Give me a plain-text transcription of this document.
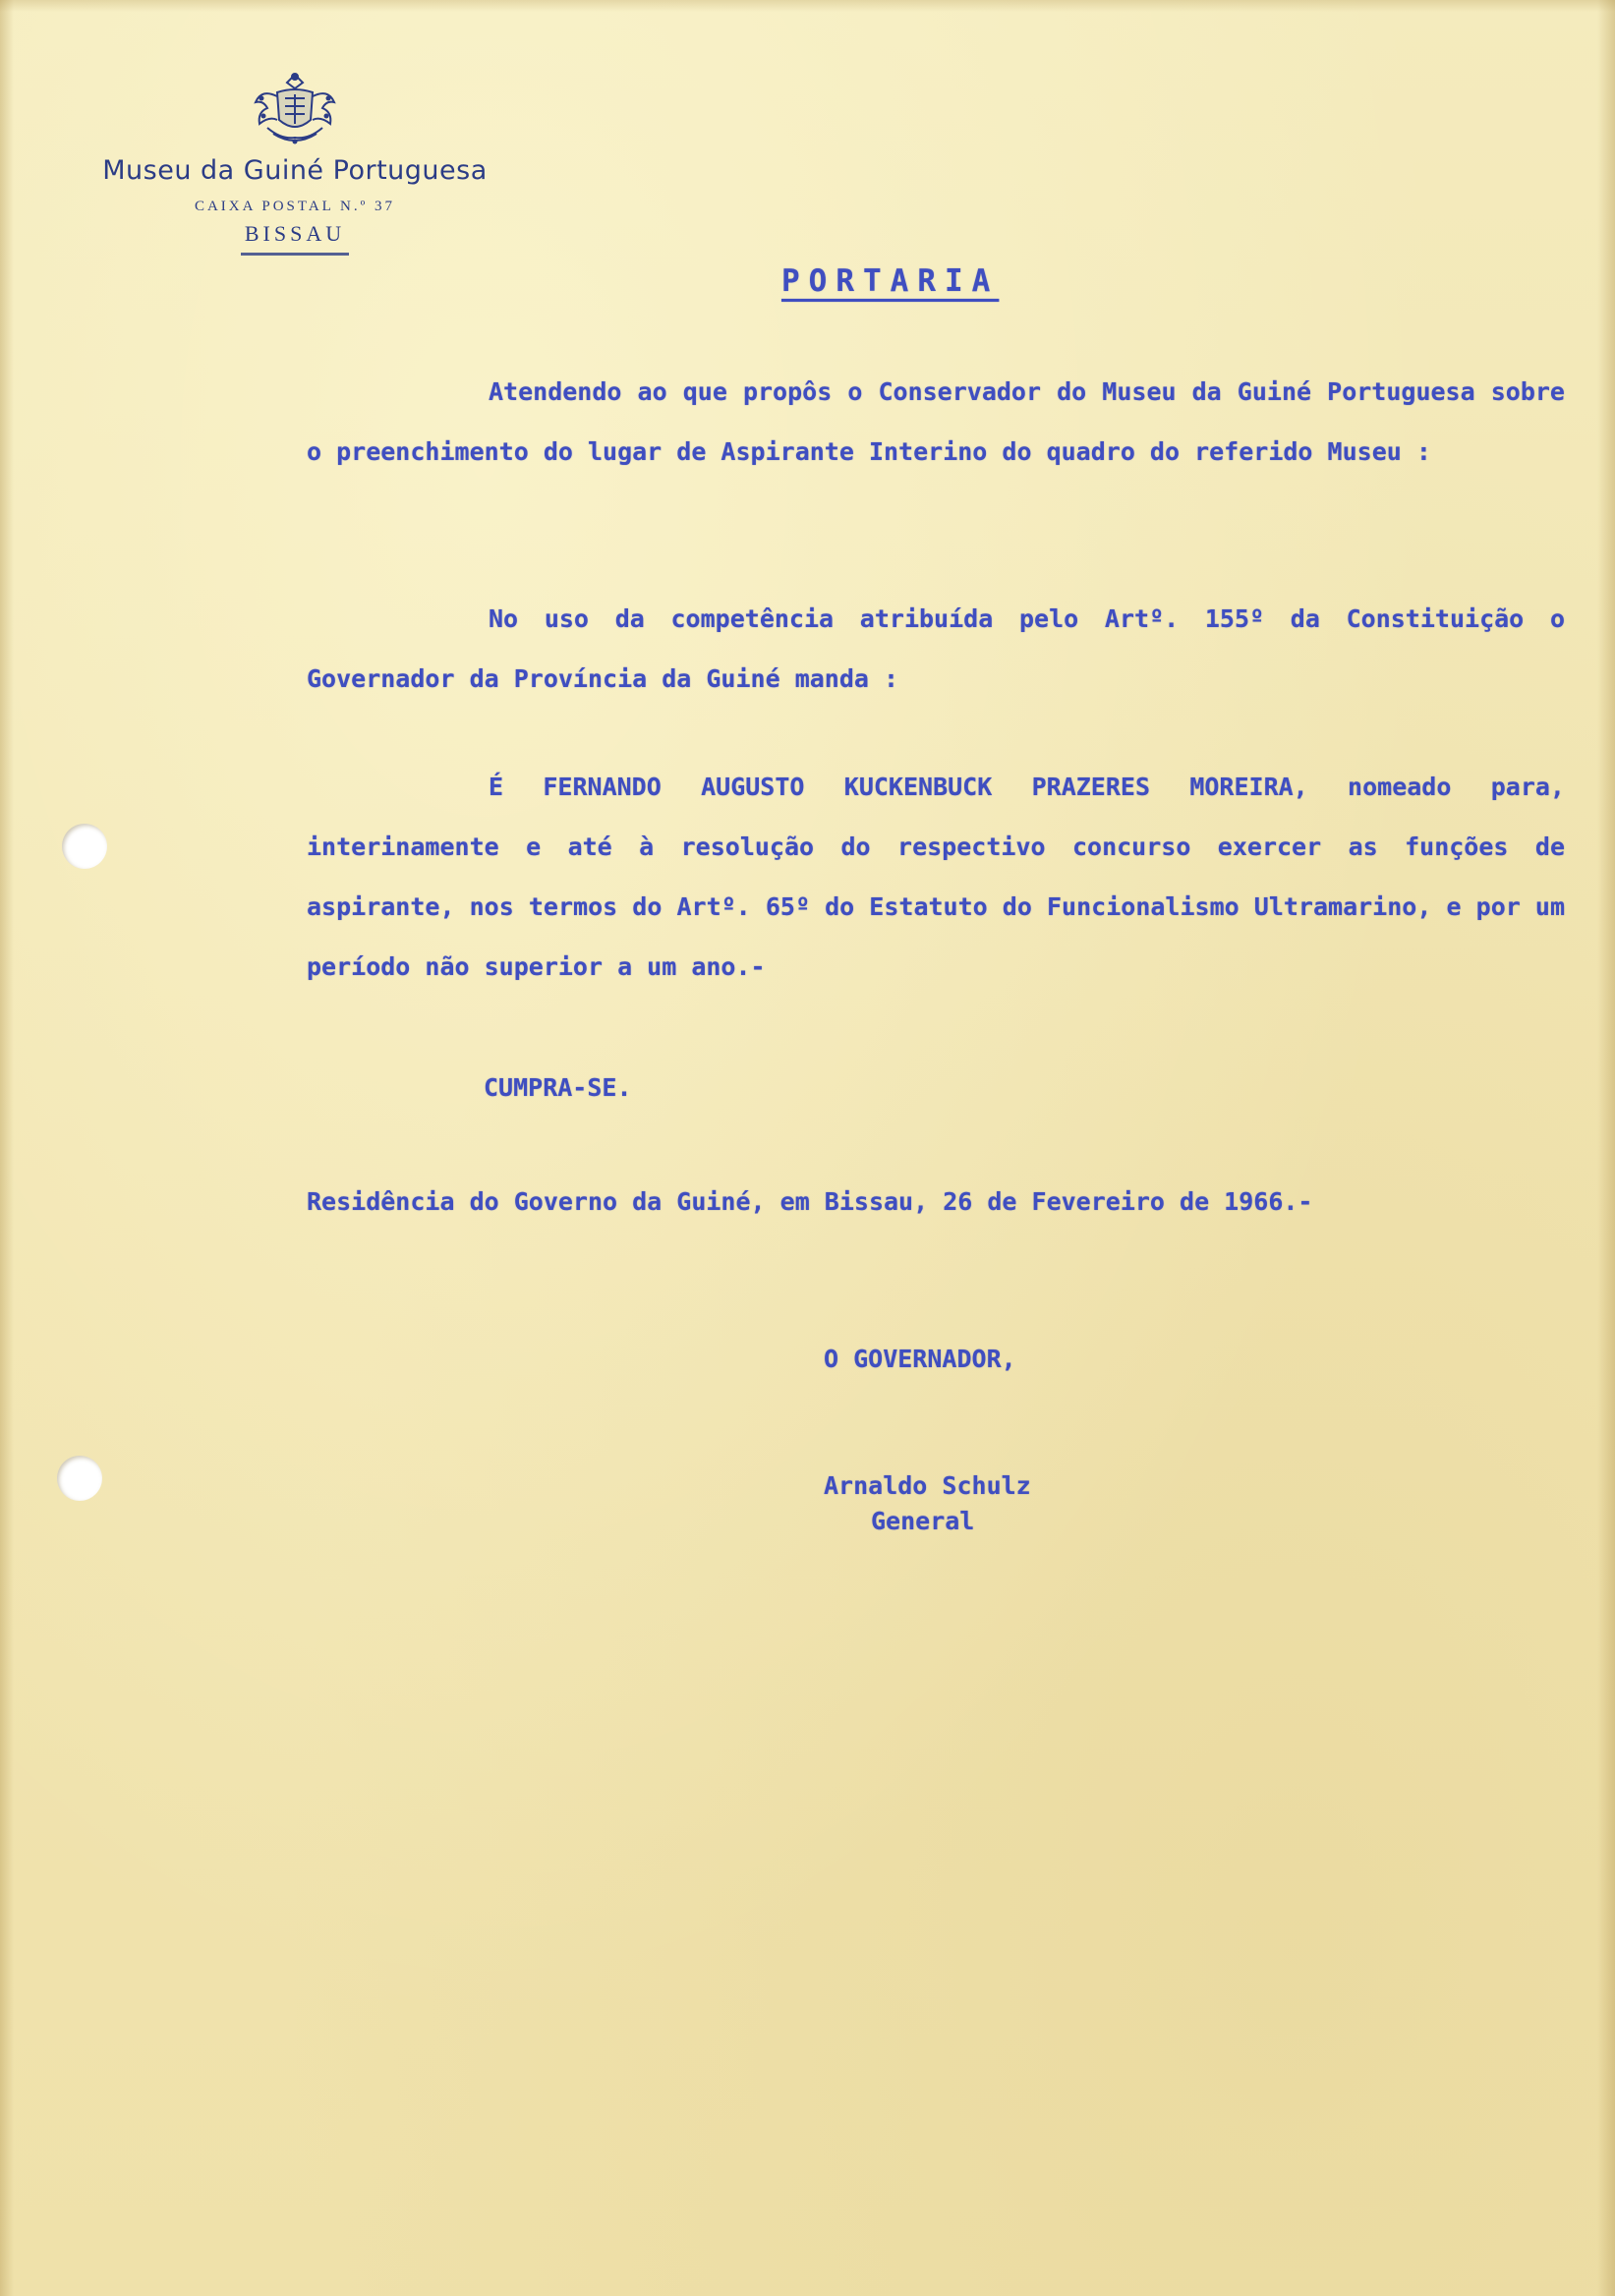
Museu da Guiné Portuguesa
CAIXA POSTAL N.º 37
BISSAU
PORTARIA
Atendendo ao que propôs o Conservador do Museu da Guiné Portuguesa sobre o preenchimento do lugar de Aspirante Interino do quadro do referido Museu :
No uso da competência atribuída pelo Artº. 155º da Constituição o Governador da Província da Guiné manda :
É FERNANDO AUGUSTO KUCKENBUCK PRAZERES MOREIRA, nomeado para, interinamente e até à resolução do respectivo concurso exercer as funções de aspirante, nos termos do Artº. 65º do Estatuto do Funcionalismo Ultramarino, e por um período não superior a um ano.-
CUMPRA-SE.
Residência do Governo da Guiné, em Bissau, 26 de Fevereiro de 1966.-
O GOVERNADOR,
Arnaldo Schulz
General
